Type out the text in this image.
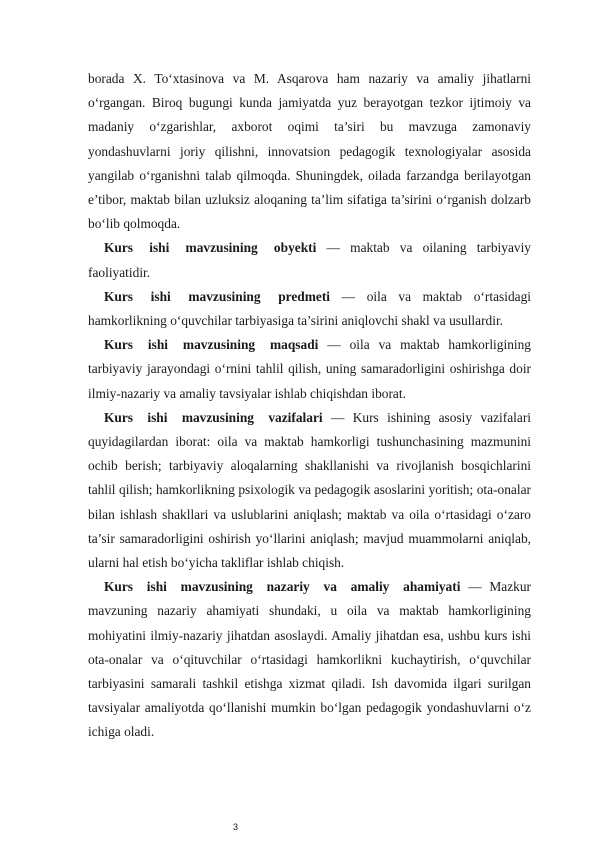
borada X. To‘xtasinova va M. Asqarova ham nazariy va amaliy jihatlarni o‘rgangan. Biroq bugungi kunda jamiyatda yuz berayotgan tezkor ijtimoiy va madaniy o‘zgarishlar, axborot oqimi ta’siri bu mavzuga zamonaviy yondashuvlarni joriy qilishni, innovatsion pedagogik texnologiyalar asosida yangilab o‘rganishni talab qilmoqda. Shuningdek, oilada farzandga berilayotgan e’tibor, maktab bilan uzluksiz aloqaning ta’lim sifatiga ta’sirini o‘rganish dolzarb bo‘lib qolmoqda.

Kurs ishi mavzusining obyekti — maktab va oilaning tarbiyaviy faoliyatidir.

Kurs ishi mavzusining predmeti — oila va maktab o‘rtasidagi hamkorlikning o‘quvchilar tarbiyasiga ta’sirini aniqlovchi shakl va usullardir.

Kurs ishi mavzusining maqsadi — oila va maktab hamkorligining tarbiyaviy jarayondagi o‘rnini tahlil qilish, uning samaradorligini oshirishga doir ilmiy-nazariy va amaliy tavsiyalar ishlab chiqishdan iborat.

Kurs ishi mavzusining vazifalari — Kurs ishining asosiy vazifalari quyidagilardan iborat: oila va maktab hamkorligi tushunchasining mazmunini ochib berish; tarbiyaviy aloqalarning shakllanishi va rivojlanish bosqichlarini tahlil qilish; hamkorlikning psixologik va pedagogik asoslarini yoritish; ota-onalar bilan ishlash shakllari va uslublarini aniqlash; maktab va oila o‘rtasidagi o‘zaro ta’sir samaradorligini oshirish yo‘llarini aniqlash; mavjud muammolarni aniqlab, ularni hal etish bo‘yicha takliflar ishlab chiqish.

Kurs ishi mavzusining nazariy va amaliy ahamiyati — Mazkur mavzuning nazariy ahamiyati shundaki, u oila va maktab hamkorligining mohiyatini ilmiy-nazariy jihatdan asoslaydi. Amaliy jihatdan esa, ushbu kurs ishi ota-onalar va o‘qituvchilar o‘rtasidagi hamkorlikni kuchaytirish, o‘quvchilar tarbiyasini samarali tashkil etishga xizmat qiladi. Ish davomida ilgari surilgan tavsiyalar amaliyotda qo‘llanishi mumkin bo‘lgan pedagogik yondashuvlarni o‘z ichiga oladi.

3
